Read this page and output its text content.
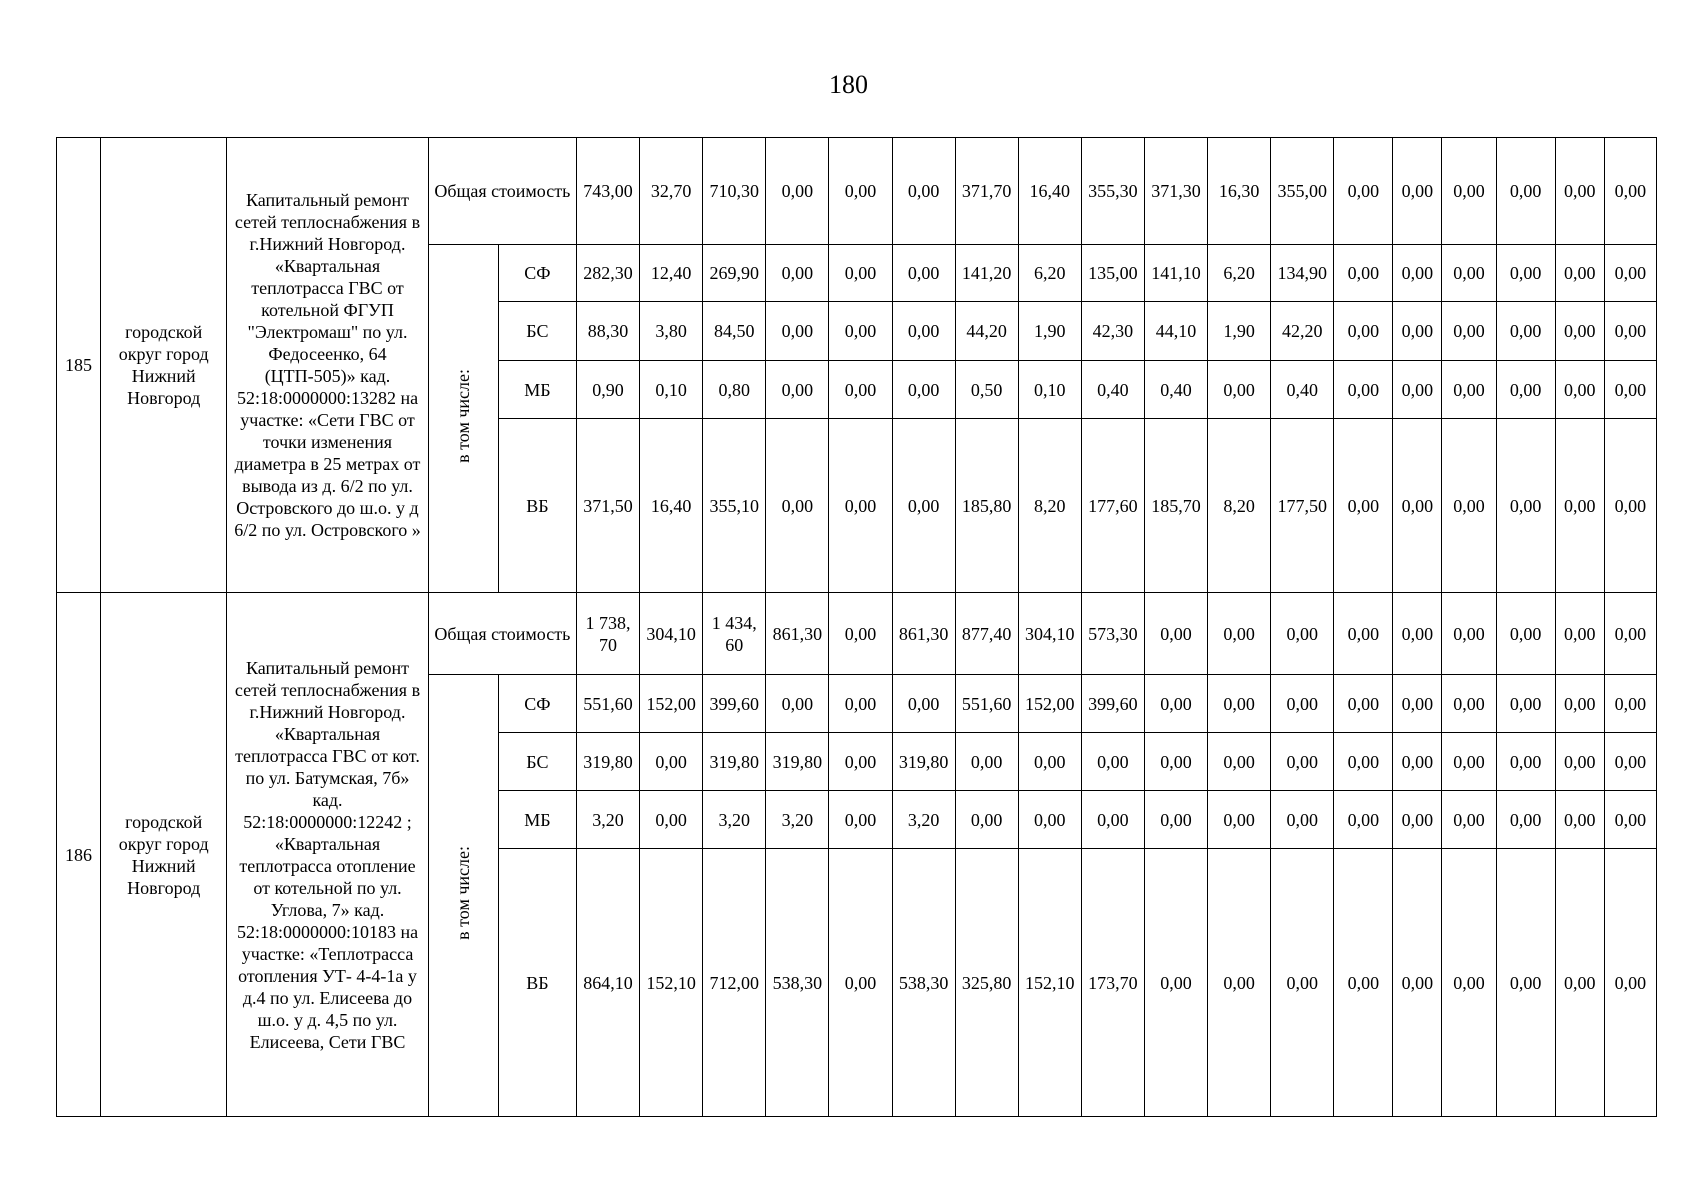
180
185	городской округ город Нижний Новгород	Капитальный ремонт сетей теплоснабжения в г.Нижний Новгород. «Квартальная теплотрасса ГВС от котельной ФГУП "Электромаш" по ул. Федосеенко, 64 (ЦТП-505)» кад. 52:18:0000000:13282 на участке: «Сети ГВС от точки изменения диаметра в 25 метрах от вывода из д. 6/2 по ул. Островского до ш.о. у д 6/2 по ул. Островского »	Общая стоимость		743,00	32,70	710,30	0,00	0,00	0,00	371,70	16,40	355,30	371,30	16,30	355,00	0,00	0,00	0,00	0,00	0,00	0,00
			в том числе:	СФ	282,30	12,40	269,90	0,00	0,00	0,00	141,20	6,20	135,00	141,10	6,20	134,90	0,00	0,00	0,00	0,00	0,00	0,00
				БС	88,30	3,80	84,50	0,00	0,00	0,00	44,20	1,90	42,30	44,10	1,90	42,20	0,00	0,00	0,00	0,00	0,00	0,00
				МБ	0,90	0,10	0,80	0,00	0,00	0,00	0,50	0,10	0,40	0,40	0,00	0,40	0,00	0,00	0,00	0,00	0,00	0,00
				ВБ	371,50	16,40	355,10	0,00	0,00	0,00	185,80	8,20	177,60	185,70	8,20	177,50	0,00	0,00	0,00	0,00	0,00	0,00
186	городской округ город Нижний Новгород	Капитальный ремонт сетей теплоснабжения в г.Нижний Новгород. «Квартальная теплотрасса ГВС от кот. по ул. Батумская, 7б» кад. 52:18:0000000:12242 ; «Квартальная теплотрасса отопление от котельной по ул. Углова, 7» кад. 52:18:0000000:10183 на участке: «Теплотрасса отопления УТ- 4-4-1а у д.4 по ул. Елисеева до ш.о. у д. 4,5 по ул. Елисеева, Сети ГВС	Общая стоимость		1 738,70	304,10	1 434,60	861,30	0,00	861,30	877,40	304,10	573,30	0,00	0,00	0,00	0,00	0,00	0,00	0,00	0,00	0,00
			в том числе:	СФ	551,60	152,00	399,60	0,00	0,00	0,00	551,60	152,00	399,60	0,00	0,00	0,00	0,00	0,00	0,00	0,00	0,00	0,00
				БС	319,80	0,00	319,80	319,80	0,00	319,80	0,00	0,00	0,00	0,00	0,00	0,00	0,00	0,00	0,00	0,00	0,00	0,00
				МБ	3,20	0,00	3,20	3,20	0,00	3,20	0,00	0,00	0,00	0,00	0,00	0,00	0,00	0,00	0,00	0,00	0,00	0,00
				ВБ	864,10	152,10	712,00	538,30	0,00	538,30	325,80	152,10	173,70	0,00	0,00	0,00	0,00	0,00	0,00	0,00	0,00	0,00
